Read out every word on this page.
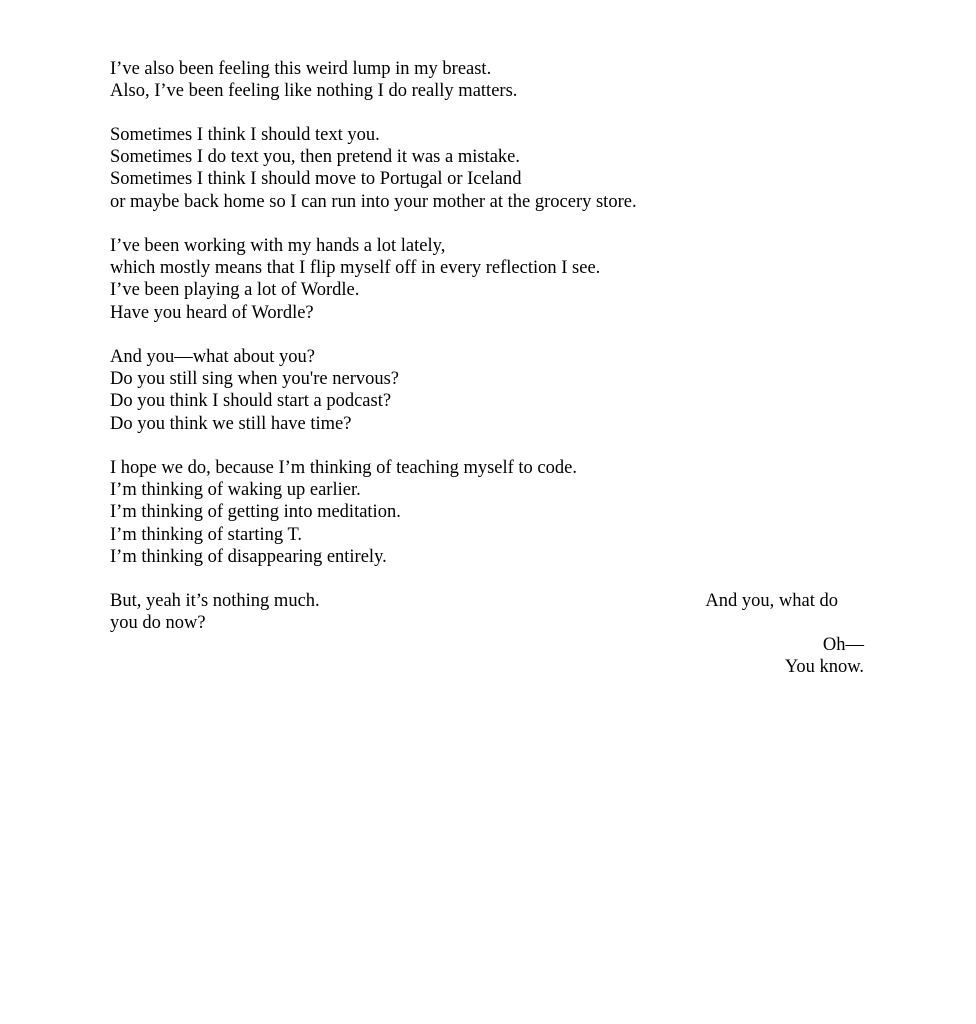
I’ve also been feeling this weird lump in my breast.
Also, I’ve been feeling like nothing I do really matters.
Sometimes I think I should text you.
Sometimes I do text you, then pretend it was a mistake.
Sometimes I think I should move to Portugal or Iceland
or maybe back home so I can run into your mother at the grocery store.
I’ve been working with my hands a lot lately,
which mostly means that I flip myself off in every reflection I see.
I’ve been playing a lot of Wordle.
Have you heard of Wordle?
And you—what about you?
Do you still sing when you're nervous?
Do you think I should start a podcast?
Do you think we still have time?
I hope we do, because I’m thinking of teaching myself to code.
I’m thinking of waking up earlier.
I’m thinking of getting into meditation.
I’m thinking of starting T.
I’m thinking of disappearing entirely.
But, yeah it’s nothing much.	And you, what do
you do now?
Oh—
You know.
